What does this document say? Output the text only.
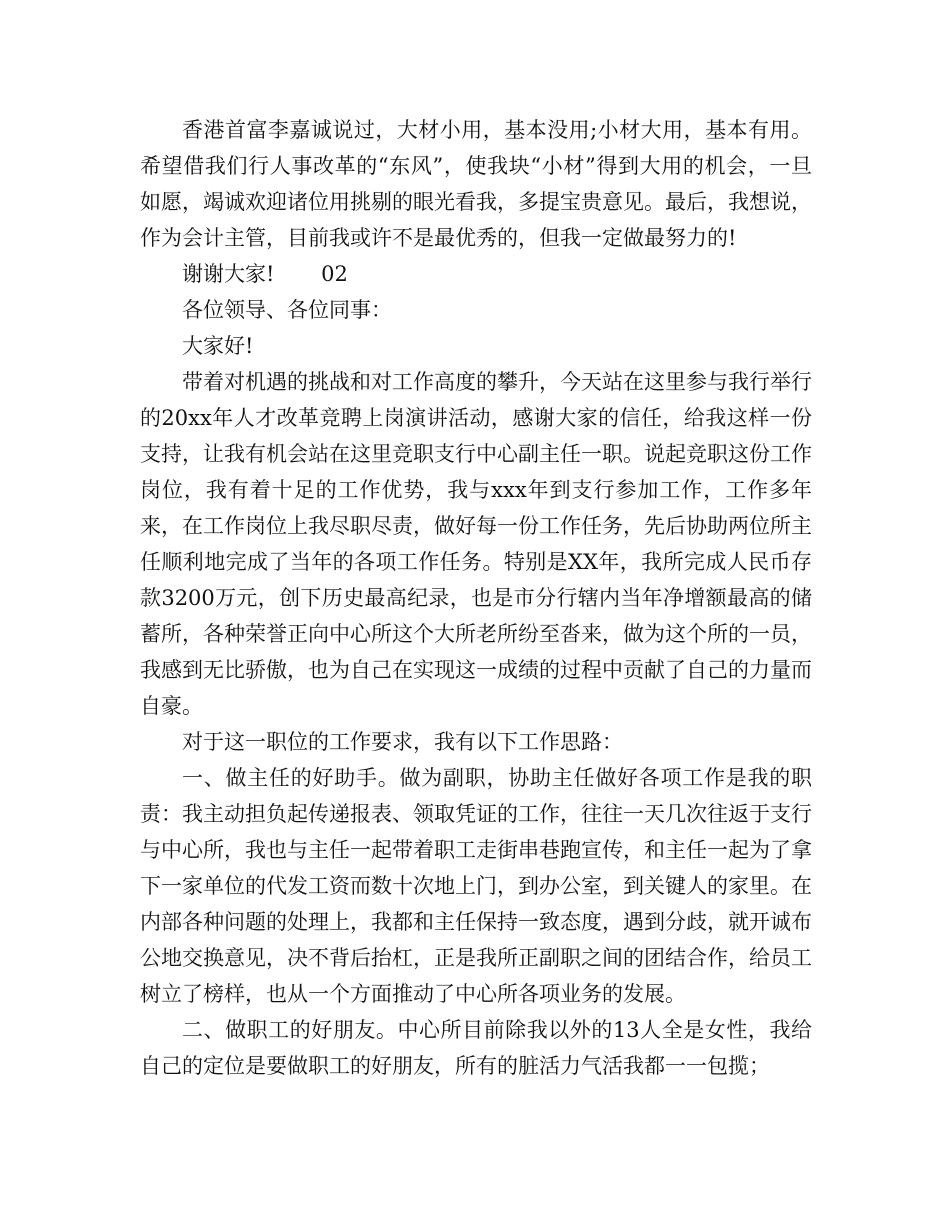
香港首富李嘉诚说过，大材小用，基本没用;小材大用，基本有用。希望借我们行人事改革的“东风”，使我块“小材”得到大用的机会，一旦如愿，竭诚欢迎诸位用挑剔的眼光看我，多提宝贵意见。最后，我想说，作为会计主管，目前我或许不是最优秀的，但我一定做最努力的!

谢谢大家!       02

各位领导、各位同事：

大家好!

带着对机遇的挑战和对工作高度的攀升，今天站在这里参与我行举行的20xx年人才改革竞聘上岗演讲活动，感谢大家的信任，给我这样一份支持，让我有机会站在这里竞职支行中心副主任一职。说起竞职这份工作岗位，我有着十足的工作优势，我与xxx年到支行参加工作，工作多年来，在工作岗位上我尽职尽责，做好每一份工作任务，先后协助两位所主任顺利地完成了当年的各项工作任务。特别是XX年，我所完成人民币存款3200万元，创下历史最高纪录，也是市分行辖内当年净增额最高的储蓄所，各种荣誉正向中心所这个大所老所纷至沓来，做为这个所的一员，我感到无比骄傲，也为自己在实现这一成绩的过程中贡献了自己的力量而自豪。

对于这一职位的工作要求，我有以下工作思路：

一、做主任的好助手。做为副职，协助主任做好各项工作是我的职责：我主动担负起传递报表、领取凭证的工作，往往一天几次往返于支行与中心所，我也与主任一起带着职工走街串巷跑宣传，和主任一起为了拿下一家单位的代发工资而数十次地上门，到办公室，到关键人的家里。在内部各种问题的处理上，我都和主任保持一致态度，遇到分歧，就开诚布公地交换意见，决不背后抬杠，正是我所正副职之间的团结合作，给员工树立了榜样，也从一个方面推动了中心所各项业务的发展。

二、做职工的好朋友。中心所目前除我以外的13人全是女性，我给自己的定位是要做职工的好朋友，所有的脏活力气活我都一一包揽；
